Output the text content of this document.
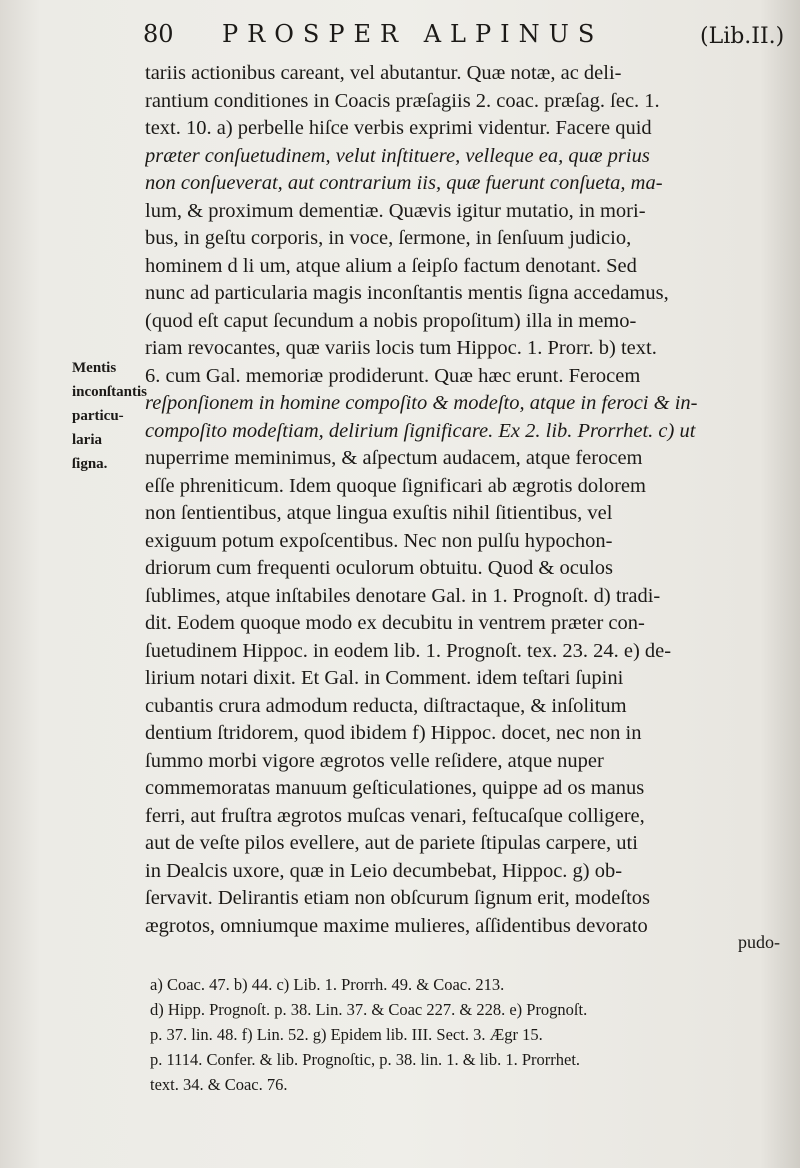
80 PROSPER ALPINUS	(Lib.II.)
Mentis
inconſtantis
particu-
laria
ſigna.
tariis actionibus careant, vel abutantur. Quæ notæ, ac deli-
rantium conditiones in Coacis præſagiis 2. coac. præſag. ſec. 1.
text. 10. a) perbelle hiſce verbis exprimi videntur. Facere quid
præter conſuetudinem, velut inſtituere, velleque ea, quæ prius
non conſueverat, aut contrarium iis, quæ fuerunt conſueta, ma-
lum, & proximum dementiæ. Quævis igitur mutatio, in mori-
bus, in geſtu corporis, in voce, ſermone, in ſenſuum judicio,
hominem d li um, atque alium a ſeipſo factum denotant. Sed
nunc ad particularia magis inconſtantis mentis ſigna accedamus,
(quod eſt caput ſecundum a nobis propoſitum) illa in memo-
riam revocantes, quæ variis locis tum Hippoc. 1. Prorr. b) text.
6. cum Gal. memoriæ prodiderunt. Quæ hæc erunt. Ferocem
reſponſionem in homine compoſito & modeſto, atque in feroci & in-
compoſito modeſtiam, delirium ſignificare. Ex 2. lib. Prorrhet. c) ut
nuperrime meminimus, & aſpectum audacem, atque ferocem
eſſe phreniticum. Idem quoque ſignificari ab ægrotis dolorem
non ſentientibus, atque lingua exuſtis nihil ſitientibus, vel
exiguum potum expoſcentibus. Nec non pulſu hypochon-
driorum cum frequenti oculorum obtuitu. Quod & oculos
ſublimes, atque inſtabiles denotare Gal. in 1. Prognoſt. d) tradi-
dit. Eodem quoque modo ex decubitu in ventrem præter con-
ſuetudinem Hippoc. in eodem lib. 1. Prognoſt. tex. 23. 24. e) de-
lirium notari dixit. Et Gal. in Comment. idem teſtari ſupini
cubantis crura admodum reducta, diſtractaque, & inſolitum
dentium ſtridorem, quod ibidem f) Hippoc. docet, nec non in
ſummo morbi vigore ægrotos velle reſidere, atque nuper
commemoratas manuum geſticulationes, quippe ad os manus
ferri, aut fruſtra ægrotos muſcas venari, feſtucaſque colligere,
aut de veſte pilos evellere, aut de pariete ſtipulas carpere, uti
in Dealcis uxore, quæ in Leio decumbebat, Hippoc. g) ob-
ſervavit. Delirantis etiam non obſcurum ſignum erit, modeſtos
ægrotos, omniumque maxime mulieres, aſſidentibus devorato
pudo-
a) Coac. 47. b) 44. c) Lib. 1. Prorrh. 49. & Coac. 213.
d) Hipp. Prognoſt. p. 38. Lin. 37. & Coac 227. & 228. e) Prognoſt.
p. 37. lin. 48. f) Lin. 52. g) Epidem lib. III. Sect. 3. Ægr 15.
p. 1114. Confer. & lib. Prognoſtic, p. 38. lin. 1. & lib. 1. Prorrhet.
text. 34. & Coac. 76.
